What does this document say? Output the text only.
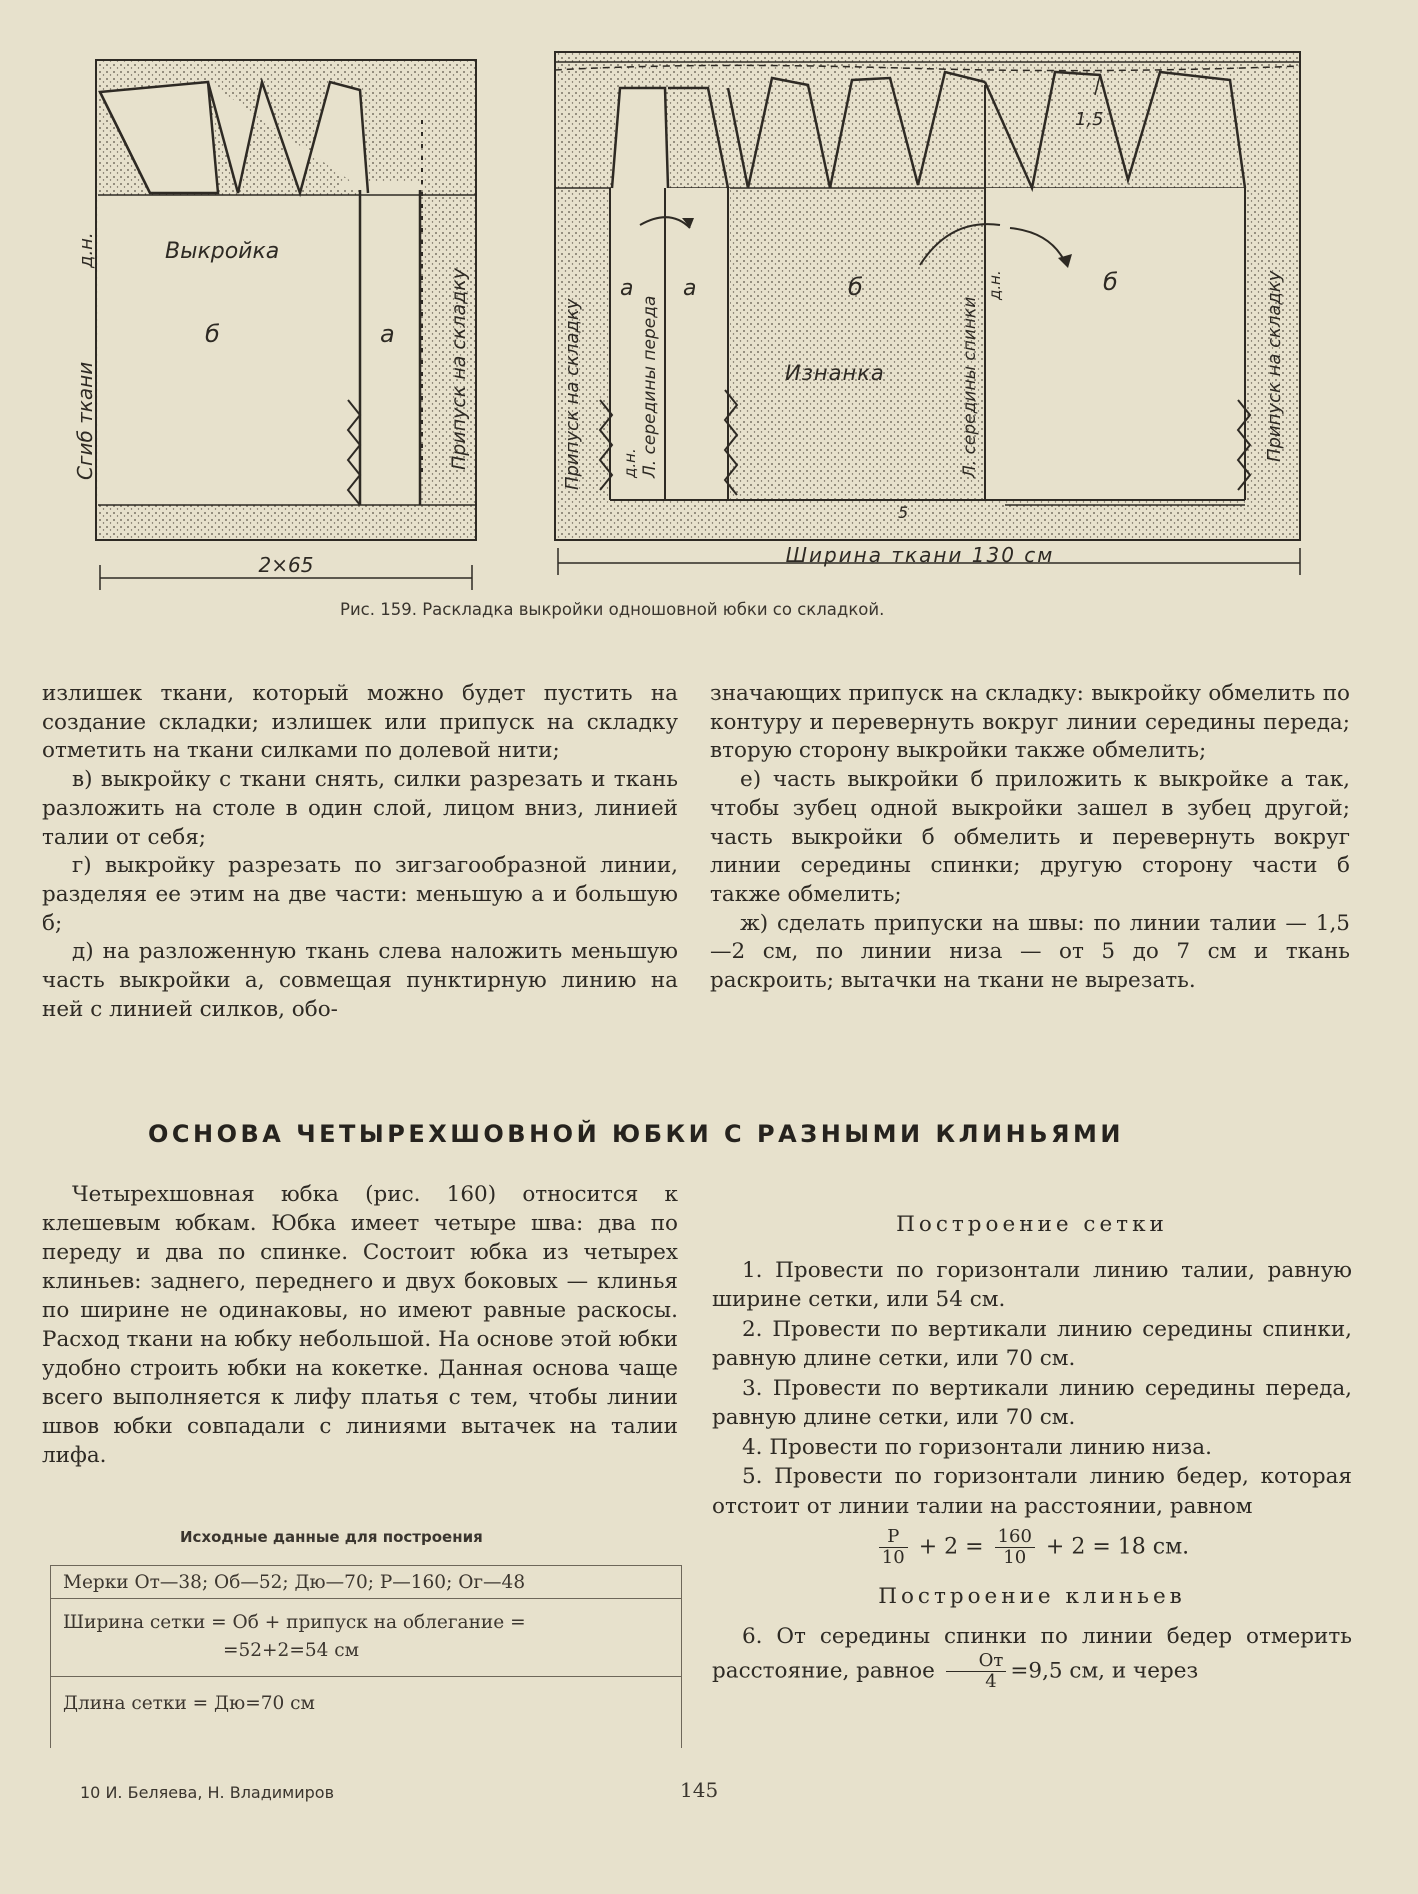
2×65
Выкройка
б	а
Сгиб ткани
д.н.
Припуск на складку
Ширина ткани 130 см
а а	б	б
1,5
5
Изнанка
Припуск на складку	Припуск на складку
Л. середины переда	Л. середины спинки
д.н.
д.н.
Рис. 159. Раскладка выкройки одношовной юбки со складкой.

излишек ткани, который можно будет пустить на создание складки; излишек или припуск на складку отметить на ткани силками по долевой нити;

в) выкройку с ткани снять, силки разрезать и ткань разложить на столе в один слой, лицом вниз, линией талии от себя;

г) выкройку разрезать по зигзагообразной линии, разделяя ее этим на две части: меньшую а и большую б;

д) на разложенную ткань слева наложить меньшую часть выкройки а, совмещая пунктирную линию на ней с линией силков, обо-

значающих припуск на складку: выкройку обмелить по контуру и перевернуть вокруг линии середины переда; вторую сторону выкройки также обмелить;

е) часть выкройки б приложить к выкройке а так, чтобы зубец одной выкройки зашел в зубец другой; часть выкройки б обмелить и перевернуть вокруг линии середины спинки; другую сторону части б также обмелить;

ж) сделать припуски на швы: по линии талии — 1,5—2 см, по линии низа — от 5 до 7 см и ткань раскроить; вытачки на ткани не вырезать.

ОСНОВА ЧЕТЫРЕХШОВНОЙ ЮБКИ С РАЗНЫМИ КЛИНЬЯМИ

Четырехшовная юбка (рис. 160) относится к клешевым юбкам. Юбка имеет четыре шва: два по переду и два по спинке. Состоит юбка из четырех клиньев: заднего, переднего и двух боковых — клинья по ширине не одинаковы, но имеют равные раскосы. Расход ткани на юбку небольшой. На основе этой юбки удобно строить юбки на кокетке. Данная основа чаще всего выполняется к лифу платья с тем, чтобы линии швов юбки совпадали с линиями вытачек на талии лифа.

Исходные данные для построения
Мерки От—38; Об—52; Дю—70; Р—160; Ог—48
Ширина сетки = Об + припуск на облегание =
=52+2=54 см
Длина сетки = Дю=70 см

Построение сетки

1. Провести по горизонтали линию талии, равную ширине сетки, или 54 см.

2. Провести по вертикали линию середины спинки, равную длине сетки, или 70 см.

3. Провести по вертикали линию середины переда, равную длине сетки, или 70 см.

4. Провести по горизонтали линию низа.

5. Провести по горизонтали линию бедер, которая отстоит от линии талии на расстоянии, равном

$\frac{Р}{10} + 2 = \frac{160}{10} + 2 = 18$ см.

Построение клиньев

6. От середины спинки по линии бедер отмерить расстояние, равное $\frac{От}{4} =9,5$ см, и через

10 И. Беляева, Н. Владимиров	145
